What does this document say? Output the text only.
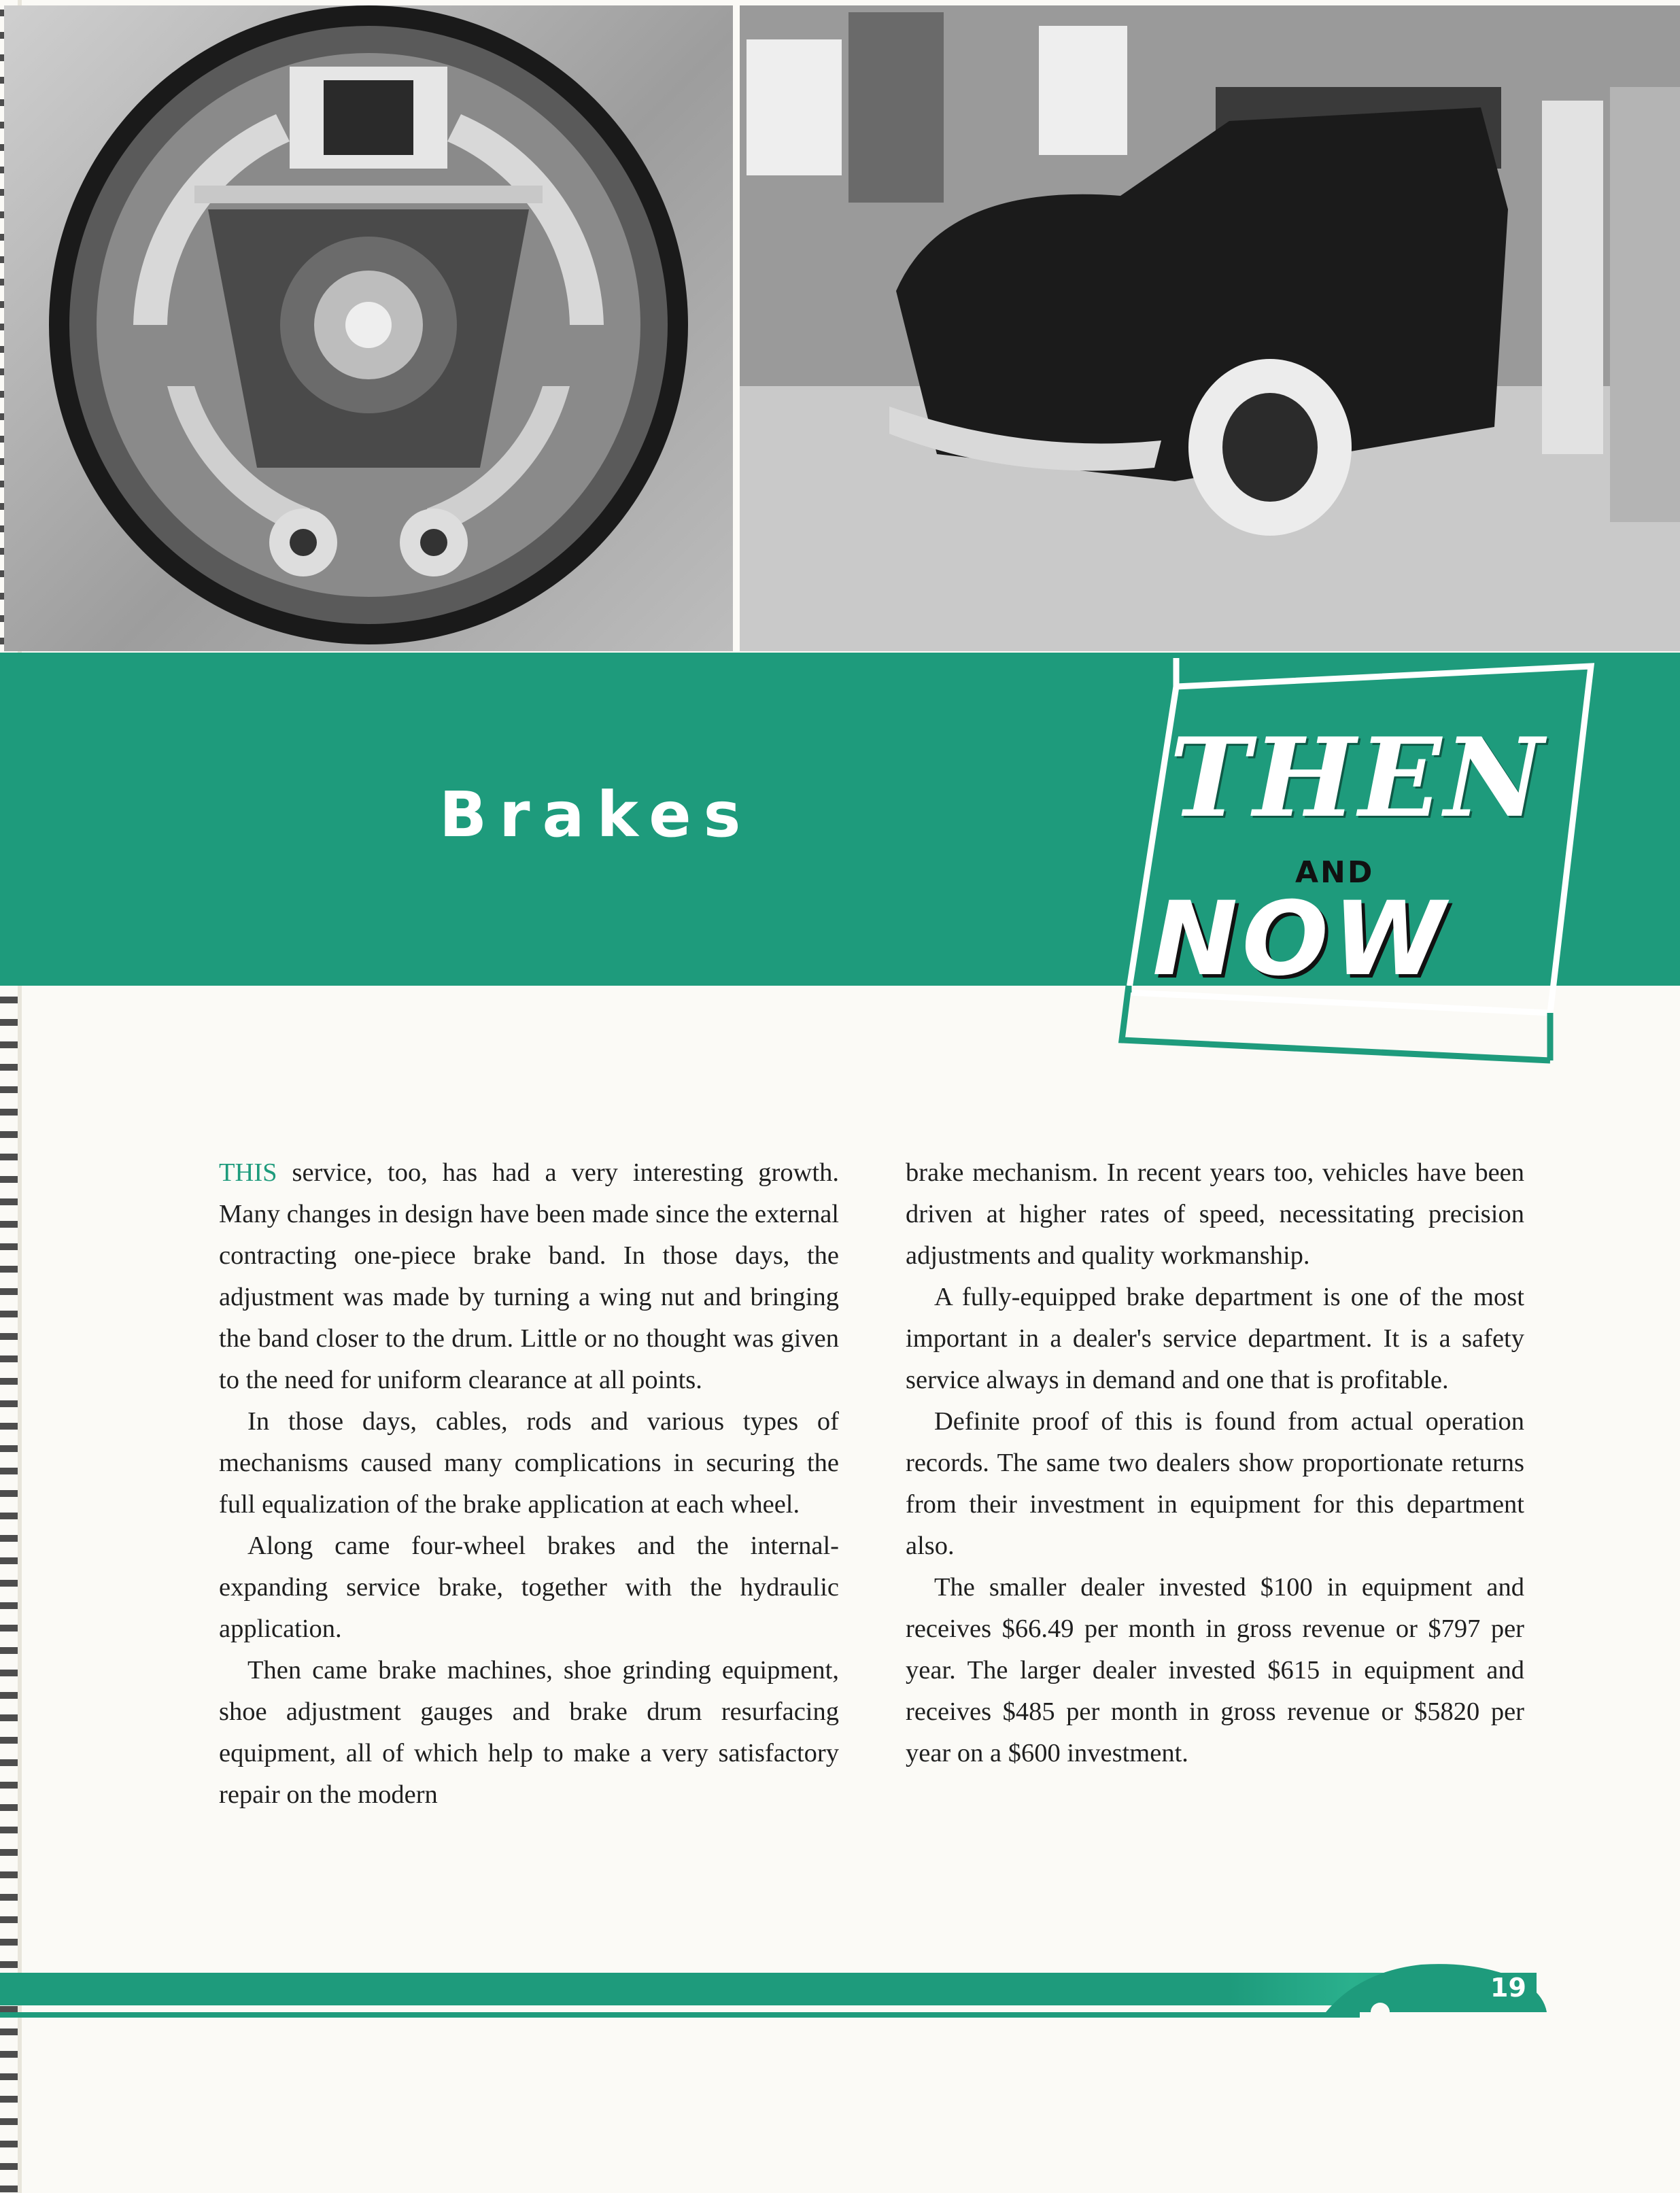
Brakes	THEN
AND
NOW

THIS service, too, has had a very interesting growth. Many changes in design have been made since the external contracting one-piece brake band. In those days, the adjustment was made by turning a wing nut and bringing the band closer to the drum. Little or no thought was given to the need for uniform clearance at all points.

In those days, cables, rods and various types of mechanisms caused many complications in securing the full equalization of the brake application at each wheel.

Along came four-wheel brakes and the internal-expanding service brake, together with the hydraulic application.

Then came brake machines, shoe grinding equipment, shoe adjustment gauges and brake drum resurfacing equipment, all of which help to make a very satisfactory repair on the modern

brake mechanism. In recent years too, vehicles have been driven at higher rates of speed, necessitating precision adjustments and quality workmanship.

A fully-equipped brake department is one of the most important in a dealer's service department. It is a safety service always in demand and one that is profitable.

Definite proof of this is found from actual operation records. The same two dealers show proportionate returns from their investment in equipment for this department also.

The smaller dealer invested $100 in equipment and receives $66.49 per month in gross revenue or $797 per year. The larger dealer invested $615 in equipment and receives $485 per month in gross revenue or $5820 per year on a $600 investment.

19
